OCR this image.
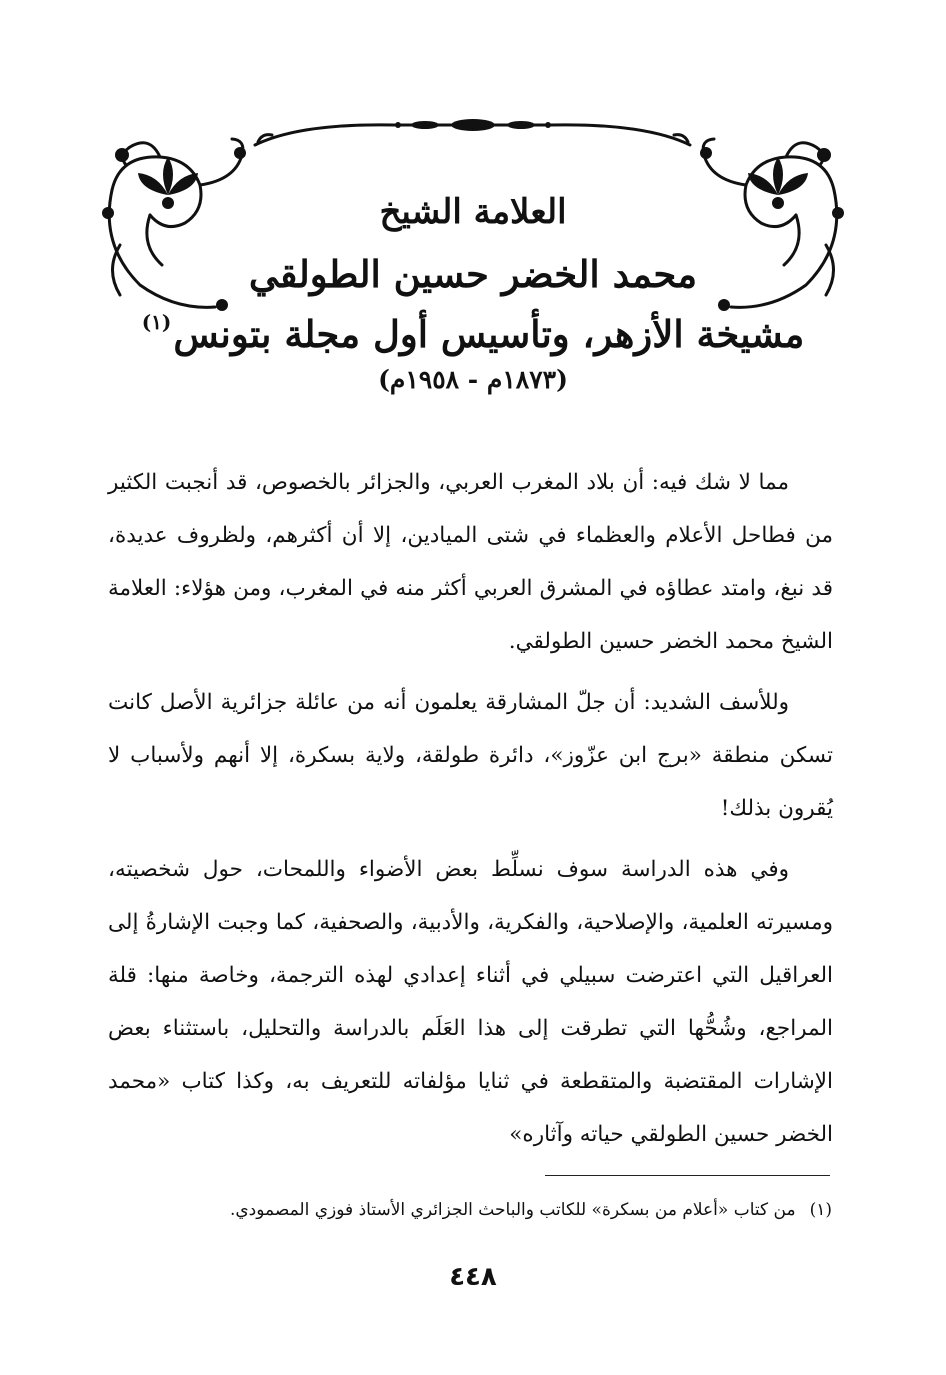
العلامة الشيخ
محمد الخضر حسين الطولقي
مشيخة الأزهر، وتأسيس أول مجلة بتونس$^{(١)}$
(١٨٧٣م - ١٩٥٨م)

مما لا شك فيه: أن بلاد المغرب العربي، والجزائر بالخصوص، قد أنجبت الكثير من فطاحل الأعلام والعظماء في شتى الميادين، إلا أن أكثرهم، ولظروف عديدة، قد نبغ، وامتد عطاؤه في المشرق العربي أكثر منه في المغرب، ومن هؤلاء: العلامة الشيخ محمد الخضر حسين الطولقي.

وللأسف الشديد: أن جلّ المشارقة يعلمون أنه من عائلة جزائرية الأصل كانت تسكن منطقة «برج ابن عزّوز»، دائرة طولقة، ولاية بسكرة، إلا أنهم ولأسباب لا يُقرون بذلك!

وفي هذه الدراسة سوف نسلِّط بعض الأضواء واللمحات، حول شخصيته، ومسيرته العلمية، والإصلاحية، والفكرية، والأدبية، والصحفية، كما وجبت الإشارةُ إلى العراقيل التي اعترضت سبيلي في أثناء إعدادي لهذه الترجمة، وخاصة منها: قلة المراجع، وشُحُّها التي تطرقت إلى هذا العَلَم بالدراسة والتحليل، باستثناء بعض الإشارات المقتضبة والمتقطعة في ثنايا مؤلفاته للتعريف به، وكذا كتاب «محمد الخضر حسين الطولقي حياته وآثاره»

(١)من كتاب «أعلام من بسكرة» للكاتب والباحث الجزائري الأستاذ فوزي المصمودي.
٤٤٨
